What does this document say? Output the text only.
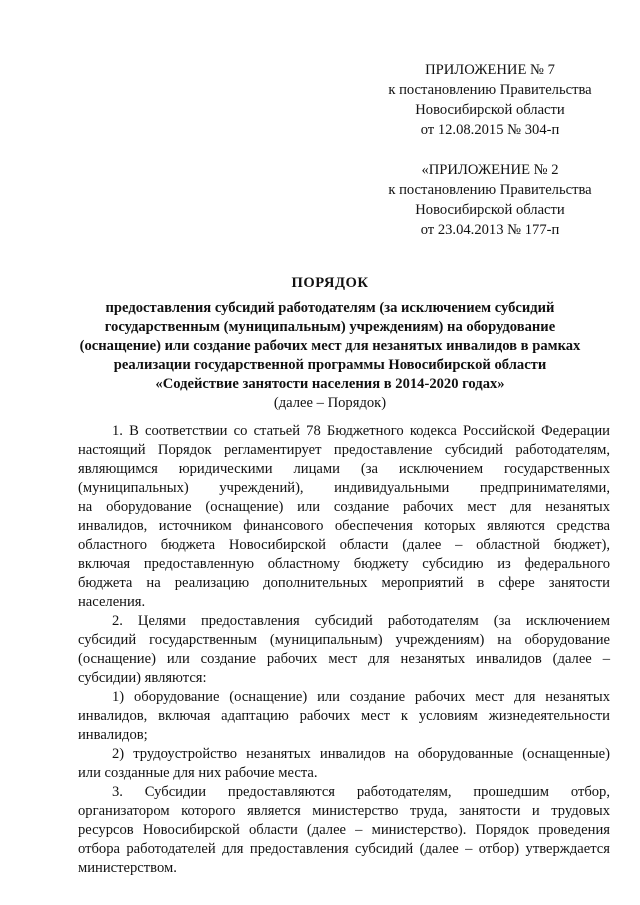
ПРИЛОЖЕНИЕ № 7
к постановлению Правительства
Новосибирской области
от 12.08.2015 № 304-п
«ПРИЛОЖЕНИЕ № 2
к постановлению Правительства
Новосибирской области
от 23.04.2013 № 177-п
ПОРЯДОК
предоставления субсидий работодателям (за исключением субсидий
государственным (муниципальным) учреждениям) на оборудование
(оснащение) или создание рабочих мест для незанятых инвалидов в рамках
реализации государственной программы Новосибирской области
«Содействие занятости населения в 2014-2020 годах»
(далее – Порядок)
1. В соответствии со статьей 78 Бюджетного кодекса Российской Федерации
настоящий Порядок регламентирует предоставление субсидий работодателям,
являющимся юридическими лицами (за исключением государственных
(муниципальных) учреждений), индивидуальными предпринимателями,
на оборудование (оснащение) или создание рабочих мест для незанятых
инвалидов, источником финансового обеспечения которых являются средства
областного бюджета Новосибирской области (далее – областной бюджет),
включая предоставленную областному бюджету субсидию из федерального
бюджета на реализацию дополнительных мероприятий в сфере занятости
населения.
2. Целями предоставления субсидий работодателям (за исключением
субсидий государственным (муниципальным) учреждениям) на оборудование
(оснащение) или создание рабочих мест для незанятых инвалидов (далее –
субсидии) являются:
1) оборудование (оснащение) или создание рабочих мест для незанятых
инвалидов, включая адаптацию рабочих мест к условиям жизнедеятельности
инвалидов;
2) трудоустройство незанятых инвалидов на оборудованные (оснащенные)
или созданные для них рабочие места.
3. Субсидии предоставляются работодателям, прошедшим отбор,
организатором которого является министерство труда, занятости и трудовых
ресурсов Новосибирской области (далее – министерство). Порядок проведения
отбора работодателей для предоставления субсидий (далее – отбор) утверждается
министерством.
